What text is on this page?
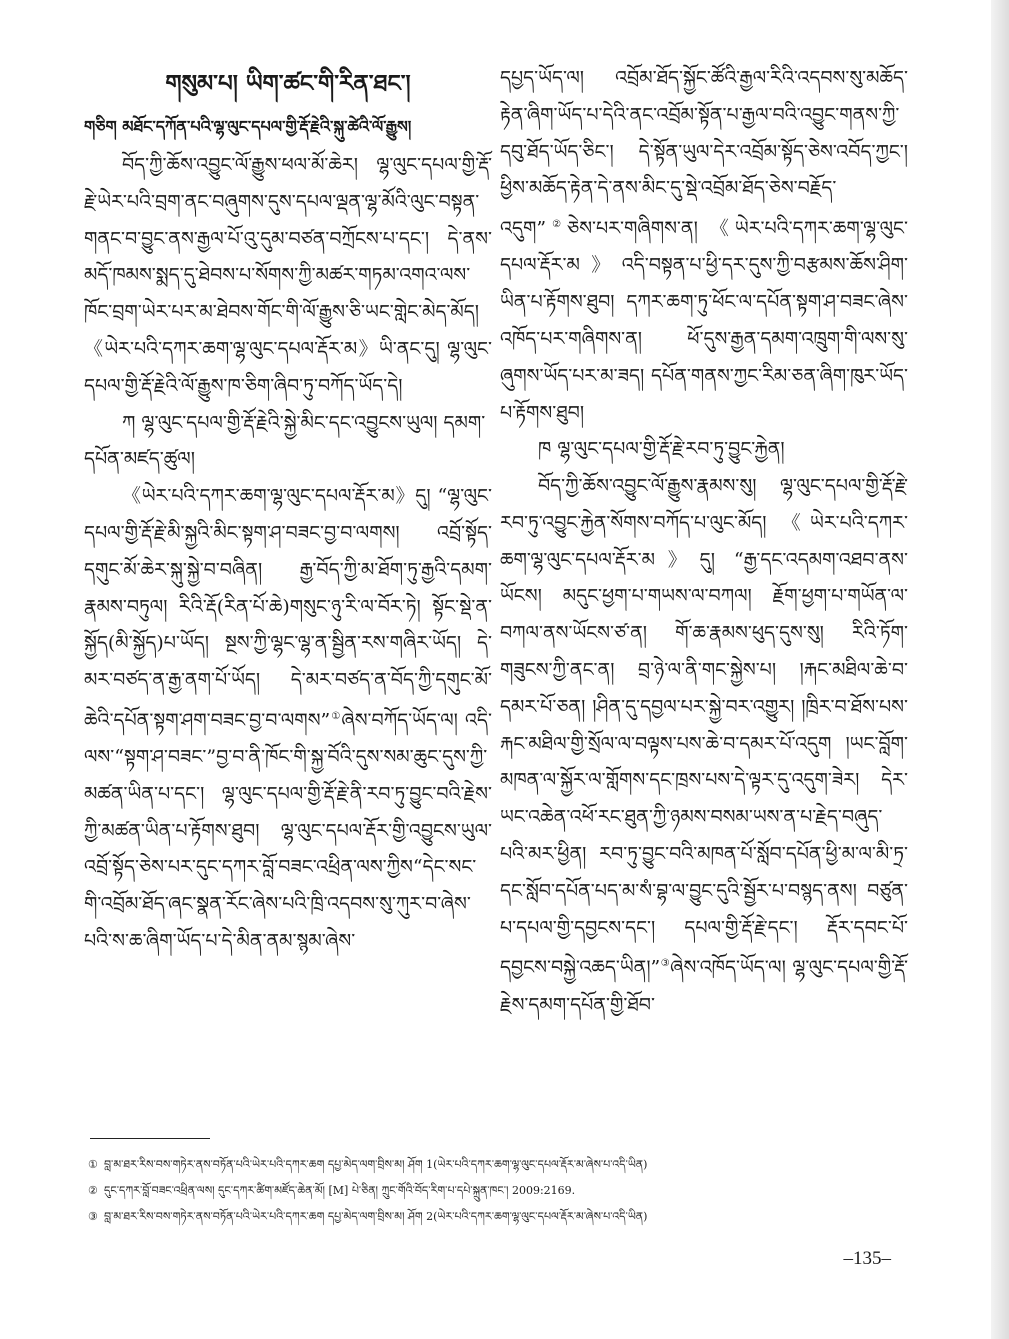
གསུམ་པ། ཡིག་ཚང་གི་རིན་ཐང་།
གཅིག མཐོང་དཀོན་པའི་ལྷ་ལུང་དཔལ་གྱི་རྡོ་རྗེའི་སྐུ་ཚེའི་ལོ་རྒྱུས།

བོད་ཀྱི་ཆོས་འབྱུང་ལོ་རྒྱུས་ཕལ་མོ་ཆེར། ལྷ་ལུང་དཔལ་གྱི་རྡོ་རྗེ་ཡེར་པའི་བྲག་ནང་བཞུགས་དུས་དཔལ་ལྡན་ལྷ་མོའི་ལུང་བསྟན་གནང་བ་བྱུང་ནས་རྒྱལ་པོ་འུ་དུམ་བཙན་བཀྲོངས་པ་དང་། དེ་ནས་མདོ་ཁམས་སྨད་དུ་ཐེབས་པ་སོགས་ཀྱི་མཚར་གཏམ་འགའ་ལས་ཁོང་བྲག་ཡེར་པར་མ་ཐེབས་གོང་གི་ལོ་རྒྱུས་ཅི་ཡང་གླེང་མེད་མོད། 《ཡེར་པའི་དཀར་ཆག་ལྷ་ལུང་དཔལ་རྡོར་མ》ཡི་ནང་དུ། ལྷ་ལུང་དཔལ་གྱི་རྡོ་རྗེའི་ལོ་རྒྱུས་ཁ་ཅིག་ཞིབ་ཏུ་བཀོད་ཡོད་དེ།

ཀ ལྷ་ལུང་དཔལ་གྱི་རྡོ་རྗེའི་སྐྱེ་མིང་དང་འབྱུངས་ཡུལ། དམག་དཔོན་མཛད་ཚུལ།

《ཡེར་པའི་དཀར་ཆག་ལྷ་ལུང་དཔལ་རྡོར་མ》དུ། “ལྷ་ལུང་དཔལ་གྱི་རྡོ་རྗེ་མི་སྐྱའི་མིང་སྟག་ཤ་བཟང་བྱ་བ་ལགས། འབྲོ་སྟོད་དགུང་མོ་ཆེར་སྐུ་སྐྱེ་བ་བཞིན། རྒྱ་བོད་ཀྱི་མ་ཐོག་ཏུ་རྒྱའི་དམག་རྣམས་བཏུལ། རིའི་རྡོ(རིན་པོ་ཆེ)གསུང་ཉུ་རི་ལ་བོར་ཏེ། སྟོང་སྡེ་ན་སྐྱོད(མི་སྐྱོད)པ་ཡོད། སྔས་ཀྱི་ལྷང་ལྷ་ན་སྦྱིན་རས་གཞིར་ཡོད། དེ་མར་བཙད་ན་རྒྱ་ནག་པོ་ཡོད། དེ་མར་བཙད་ན་བོད་ཀྱི་དགུང་མོ་ཆེའི་དཔོན་སྟག་ཤག་བཟང་བྱ་བ་ལགས”①ཞེས་བཀོད་ཡོད་ལ། འདི་ལས་“སྟག་ཤ་བཟང་”བྱ་བ་ནི་ཁོང་གི་སྐྱ་བོའི་དུས་སམ་ཆུང་དུས་ཀྱི་མཚན་ཡིན་པ་དང་། ལྷ་ལུང་དཔལ་གྱི་རྡོ་རྗེ་ནི་རབ་ཏུ་བྱུང་བའི་རྗེས་ཀྱི་མཚན་ཡིན་པ་རྟོགས་ཐུབ། ལྷ་ལུང་དཔལ་རྡོར་གྱི་འབྱུངས་ཡུལ་འབྲོ་སྟོད་ཅེས་པར་དུང་དཀར་བློ་བཟང་འཕྲིན་ལས་ཀྱིས“དེང་སང་གི་འབྲོམ་ཐོད་ཞང་སྣན་རོང་ཞེས་པའི་ཁྲི་འདབས་སུ་ཀུར་བ་ཞེས་པའི་ས་ཆ་ཞིག་ཡོད་པ་དེ་མིན་ནམ་སྙམ་ཞེས་

དཔྱད་ཡོད་ལ། འབྲོམ་ཐོད་སྐྱོང་ཚོའི་རྒྱལ་རིའི་འདབས་སུ་མཆོད་རྟེན་ཞིག་ཡོད་པ་དེའི་ནང་འབྲོམ་སྟོན་པ་རྒྱལ་བའི་འབྱུང་གནས་ཀྱི་དབུ་ཐོད་ཡོད་ཅིང་། དེ་སྟོན་ཡུལ་དེར་འབྲོམ་སྟོད་ཅེས་འབོད་ཀྱང་། ཕྱིས་མཆོད་རྟེན་དེ་ནས་མིང་དུ་སྡེ་འབྲོམ་ཐོད་ཅེས་བརྗོད་འདུག”②ཅེས་པར་གཞིགས་ན། 《ཡེར་པའི་དཀར་ཆག་ལྷ་ལུང་དཔལ་རྡོར་མ》འདི་བསྟན་པ་ཕྱི་དར་དུས་ཀྱི་བརྩམས་ཆོས་ཤིག་ཡིན་པ་རྟོགས་ཐུབ། དཀར་ཆག་ཏུ་ཕོང་ལ་དཔོན་སྟག་ཤ་བཟང་ཞེས་འཁོད་པར་གཞིགས་ན། ཕོ་དུས་རྒྱན་དམག་འཁྲུག་གི་ལས་སུ་ཞུགས་ཡོད་པར་མ་ཟད། དཔོན་གནས་ཀྱང་རིམ་ཅན་ཞིག་ཁུར་ཡོད་པ་རྟོགས་ཐུབ།

ཁ ལྷ་ལུང་དཔལ་གྱི་རྡོ་རྗེ་རབ་ཏུ་བྱུང་རྐྱེན།

བོད་ཀྱི་ཆོས་འབྱུང་ལོ་རྒྱུས་རྣམས་སུ། ལྷ་ལུང་དཔལ་གྱི་རྡོ་རྗེ་རབ་ཏུ་འབྱུང་རྐྱེན་སོགས་བཀོད་པ་ལུང་མོད། 《ཡེར་པའི་དཀར་ཆག་ལྷ་ལུང་དཔལ་རྡོར་མ》དུ། “རྒྱ་དང་འདམག་འཐབ་ནས་ཡོངས། མདུང་ཕྱག་པ་གཡས་ལ་བཀལ། རྗོག་ཕྱག་པ་གཡོན་ལ་བཀལ་ནས་ཡོངས་ཙ་ན། གོ་ཆ་རྣམས་ཕུད་དུས་སུ། རིའི་ཏོག་གཟུངས་ཀྱི་ནང་ན། བྲ་ཉེ་ལ་ནི་གང་སྐྱེས་པ། །རྐང་མཐིལ་ཆེ་བ་དམར་པོ་ཅན། །ཤིན་དུ་དབྱལ་པར་སྐྱེ་བར་འགྱུར། །ཁྲིར་བ་ཐོས་པས་རྐང་མཐིལ་གྱི་སྲོལ་ལ་བལྟས་པས་ཆེ་བ་དམར་པོ་འདུག །ཡང་བློག་མཁན་ལ་སྐྱོར་ལ་གློགས་དང་ཁྲས་པས་དེ་ལྟར་དུ་འདུག་ཟེར། དེར་ཡང་འཆེན་འཕོ་རང་ཐུན་ཀྱི་ཉམས་བསམ་ཡས་ན་པ་རྗེད་བཞུད་པའི་མར་ཕྱིན། རབ་ཏུ་བྱུང་བའི་མཁན་པོ་སློབ་དཔོན་ཕྱི་མ་ལ་མི་ཏྲ་དང་སློབ་དཔོན་པད་མ་སཾ་བྷ་ལ་བྱུང་དུའི་སྦྱོར་པ་བསྙད་ནས། བཙུན་པ་དཔལ་གྱི་དབྱངས་དང་། དཔལ་གྱི་རྡོ་རྗེ་དང་། རྡོར་དབང་པོ་དབྱངས་བསྐྱེ་འཆད་ཡིན།”③ཞེས་འཁོད་ཡོད་ལ། ལྷ་ལུང་དཔལ་གྱི་རྡོ་རྗེས་དམག་དཔོན་གྱི་ཐོབ་

① བླ་མ་ཐར་རིས་བས་གཏེར་ནས་བཏོན་པའི་ཡེར་པའི་དཀར་ཆག དཔྱ་མེད་ལག་བྲིས་མ། ཤོག 1(ཡེར་པའི་དཀར་ཆག་ལྷ་ལུང་དཔལ་རྡོར་མ་ཞེས་པ་འདི་ཡིན)
② དུང་དཀར་བློ་བཟང་འཕྲིན་ལས། དུང་དཀར་ཚིག་མཛོད་ཆེན་མོ། [M] པེ་ཅིན། ཀྲུང་གོའི་བོད་རིག་པ་དཔེ་སྐྲུན་ཁང་། 2009:2169.
③ བླ་མ་ཐར་རིས་བས་གཏེར་ནས་བཏོན་པའི་ཡེར་པའི་དཀར་ཆག དཔྱ་མེད་ལག་བྲིས་མ། ཤོག 2(ཡེར་པའི་དཀར་ཆག་ལྷ་ལུང་དཔལ་རྡོར་མ་ཞེས་པ་འདི་ཡིན)
–135–
